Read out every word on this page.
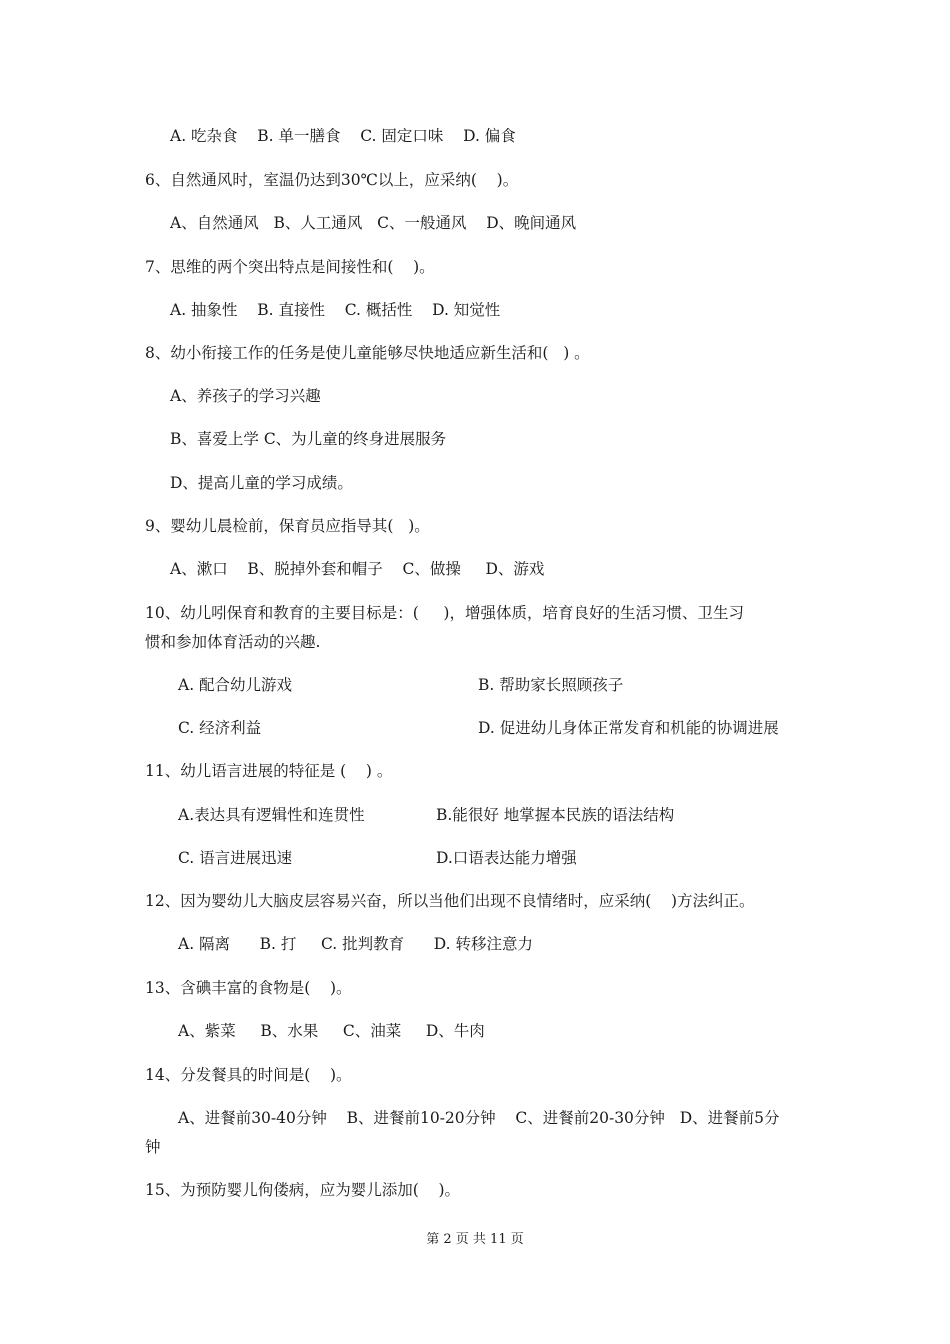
A. 吃杂食    B. 单一膳食    C. 固定口味    D. 偏食
6、自然通风时，室温仍达到30℃以上，应采纳(    )。
A、自然通风   B、人工通风   C、一般通风    D、晚间通风
7、思维的两个突出特点是间接性和(    )。
A. 抽象性    B. 直接性    C. 概括性    D. 知觉性
8、幼小衔接工作的任务是使儿童能够尽快地适应新生活和(   ) 。
A、养孩子的学习兴趣
B、喜爱上学 C、为儿童的终身进展服务
D、提高儿童的学习成绩。
9、婴幼儿晨检前，保育员应指导其(   )。
A、漱口    B、脱掉外套和帽子    C、做操     D、游戏
10、幼儿吲保育和教育的主要目标是：(     )，增强体质，培育良好的生活习惯、卫生习
惯和参加体育活动的兴趣.
A. 配合幼儿游戏	B. 帮助家长照顾孩子
C. 经济利益	D. 促进幼儿身体正常发育和机能的协调进展
11、幼儿语言进展的特征是 (    ) 。
A.表达具有逻辑性和连贯性	B.能很好 地掌握本民族的语法结构
C. 语言进展迅速	D.口语表达能力增强
12、因为婴幼儿大脑皮层容易兴奋，所以当他们出现不良情绪时，应采纳(    )方法纠正。
A. 隔离      B. 打     C. 批判教育      D. 转移注意力
13、含碘丰富的食物是(    )。
A、紫菜     B、水果     C、油菜     D、牛肉
14、分发餐具的时间是(    )。
A、进餐前30-40分钟    B、进餐前10-20分钟    C、进餐前20-30分钟   D、进餐前5分
钟
15、为预防婴儿佝偻病，应为婴儿添加(    )。
第 2 页 共 11 页
